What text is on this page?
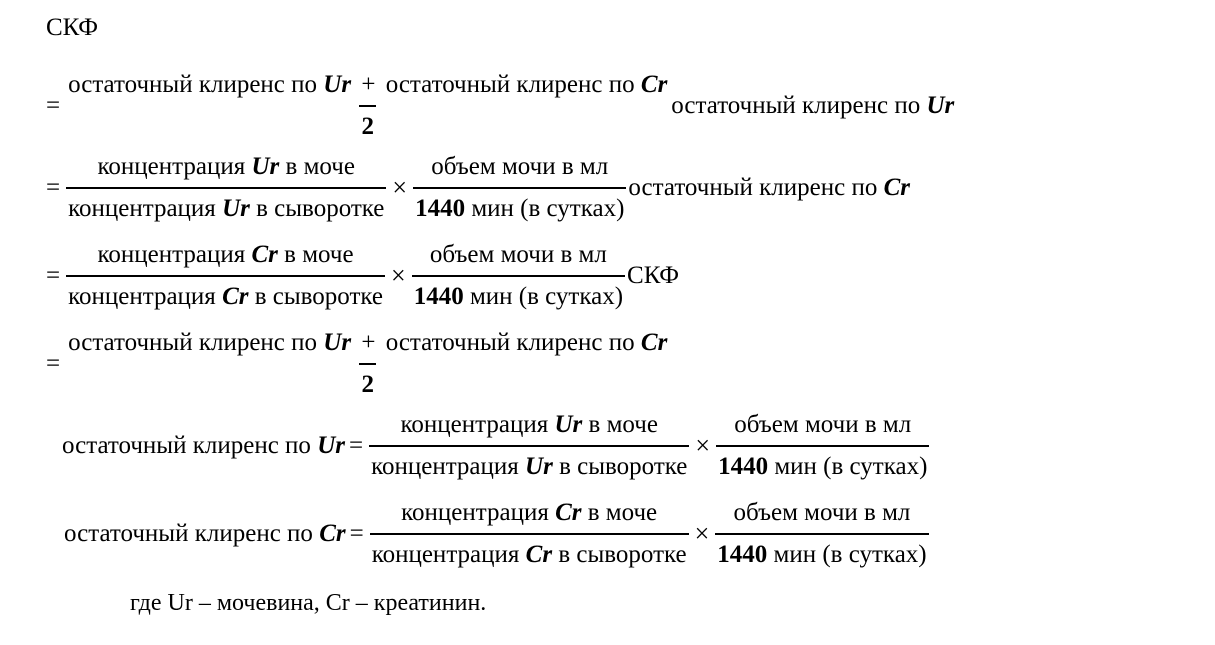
СКФ
=
остаточный клиренс по Ur + остаточный клиренс по Cr
2
остаточный клиренс по Ur
= $\frac{\text{концентрация Ur в моче}}{\text{концентрация Ur в сыворотке}} \times \frac{\text{объем мочи в мл}}{\text{1440 мин (в сутках)}}$ остаточный клиренс по Cr
= $\frac{\text{концентрация Cr в моче}}{\text{концентрация Cr в сыворотке}} \times \frac{\text{объем мочи в мл}}{\text{1440 мин (в сутках)}}$ СКФ
=
остаточный клиренс по Ur + остаточный клиренс по Cr
2
остаточный клиренс по $Ur = \frac{\text{концентрация Ur в моче}}{\text{концентрация Ur в сыворотке}} \times \frac{\text{объем мочи в мл}}{\text{1440 мин (в сутках)}}$
остаточный клиренс по $Cr = \frac{\text{концентрация Cr в моче}}{\text{концентрация Cr в сыворотке}} \times \frac{\text{объем мочи в мл}}{\text{1440 мин (в сутках)}}$
где Ur – мочевина, Cr – креатинин.
